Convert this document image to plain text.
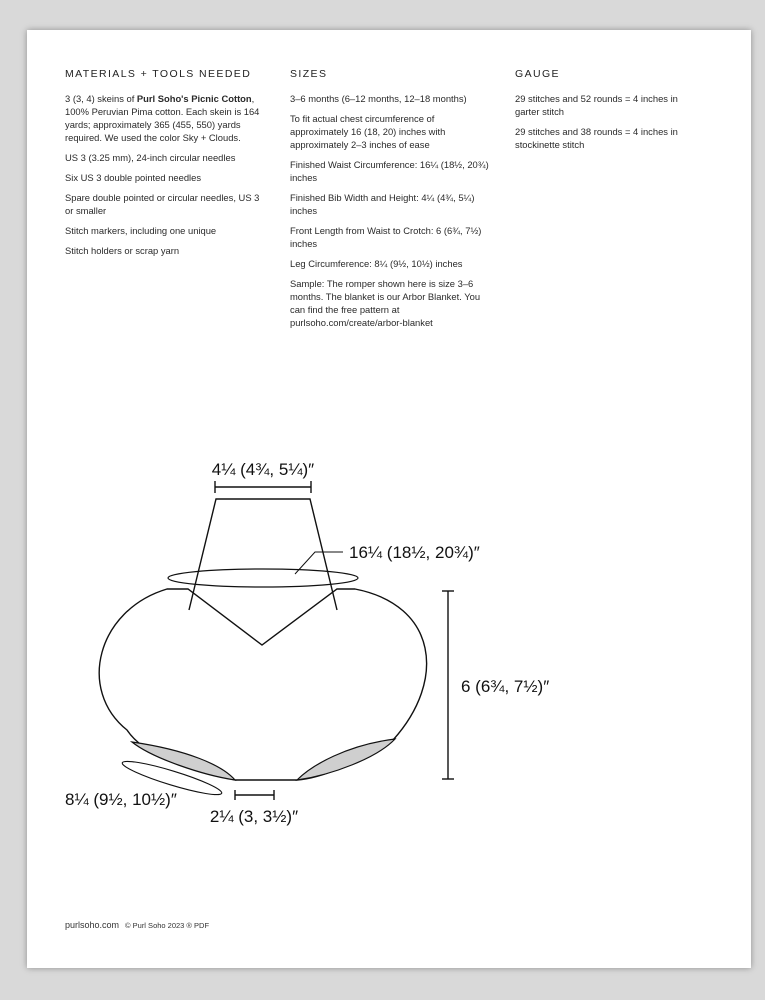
MATERIALS + TOOLS NEEDED

3 (3, 4) skeins of Purl Soho's Picnic Cotton, 100% Peruvian Pima cotton. Each skein is 164 yards; approximately 365 (455, 550) yards required. We used the color Sky + Clouds.

US 3 (3.25 mm), 24-inch circular needles

Six US 3 double pointed needles

Spare double pointed or circular needles, US 3 or smaller

Stitch markers, including one unique

Stitch holders or scrap yarn

SIZES

3–6 months (6–12 months, 12–18 months)

To fit actual chest circumference of approximately 16 (18, 20) inches with approximately 2–3 inches of ease

Finished Waist Circumference: 16¼ (18½, 20¾) inches

Finished Bib Width and Height: 4¼ (4¾, 5¼) inches

Front Length from Waist to Crotch: 6 (6¾, 7½) inches

Leg Circumference: 8¼ (9½, 10½) inches

Sample: The romper shown here is size 3–6 months. The blanket is our Arbor Blanket. You can find the free pattern at purlsoho.com/create/arbor-blanket

GAUGE

29 stitches and 52 rounds = 4 inches in garter stitch

29 stitches and 38 rounds = 4 inches in stockinette stitch

4¼ (4¾, 5¼)″
16¼ (18½, 20¾)″
6 (6¾, 7½)″
8¼ (9½, 10½)″
2¼ (3, 3½)″
purlsoho.com © Purl Soho 2023 ® PDF
